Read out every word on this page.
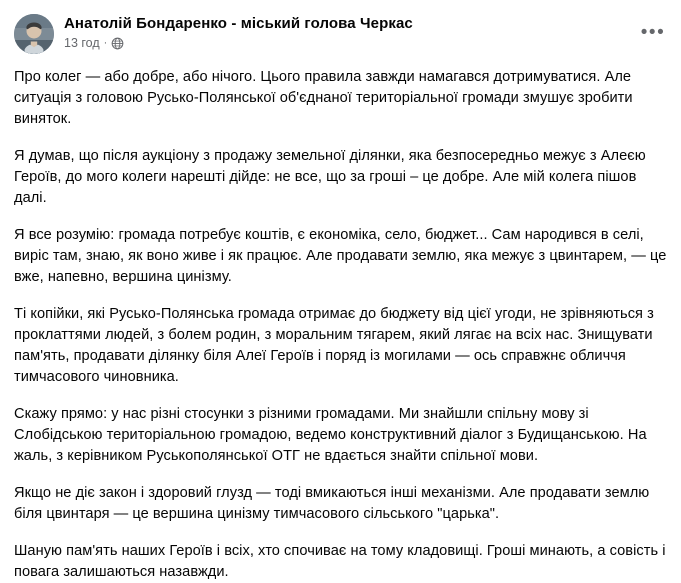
Анатолій Бондаренко - міський голова Черкас
13 год ·
•••

Про колег — або добре, або нічого. Цього правила завжди намагався дотримуватися. Але ситуація з головою Русько-Полянської об'єднаної територіальної громади змушує зробити виняток.

Я думав, що після аукціону з продажу земельної ділянки, яка безпосередньо межує з Алеєю Героїв, до мого колеги нарешті дійде: не все, що за гроші – це добре. Але мій колега пішов далі.

Я все розумію: громада потребує коштів, є економіка, село, бюджет... Сам народився в селі, виріс там, знаю, як воно живе і як працює. Але продавати землю, яка межує з цвинтарем, — це вже, напевно, вершина цинізму.

Ті копійки, які Русько-Полянська громада отримає до бюджету від цієї угоди, не зрівняються з проклаттями людей, з болем родин, з моральним тягарем, який лягає на всіх нас. Знищувати пам'ять, продавати ділянку біля Алеї Героїв і поряд із могилами — ось справжнє обличчя тимчасового чиновника.

Скажу прямо: у нас різні стосунки з різними громадами. Ми знайшли спільну мову зі Слобідською територіальною громадою, ведемо конструктивний діалог з Будищанською. На жаль, з керівником Руськополянської ОТГ не вдається знайти спільної мови.

Якщо не діє закон і здоровий глузд — тоді вмикаються інші механізми. Але продавати землю біля цвинтаря — це вершина цинізму тимчасового сільського "царька".

Шаную пам'ять наших Героїв і всіх, хто спочиває на тому кладовищі. Гроші минають, а совість і повага залишаються назавжди.
